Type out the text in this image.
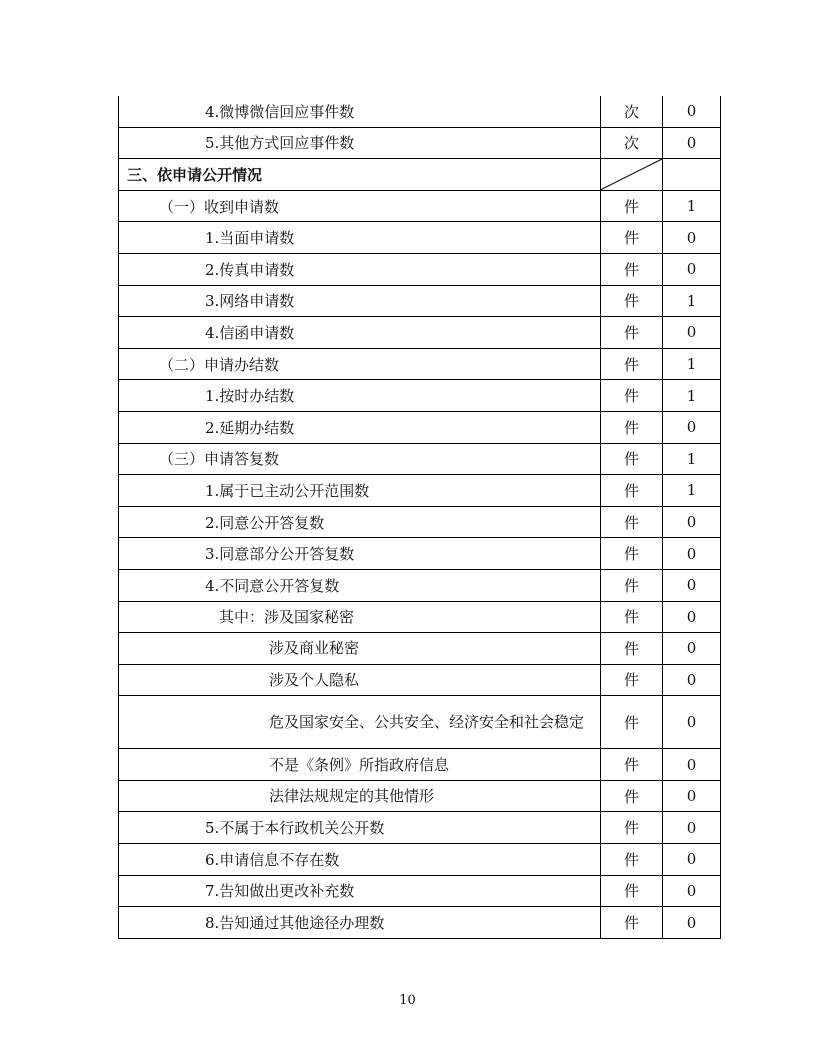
4.微博微信回应事件数	次	0
5.其他方式回应事件数	次	0
三、依申请公开情况	

（一）收到申请数	件	1
1.当面申请数	件	0
2.传真申请数	件	0
3.网络申请数	件	1
4.信函申请数	件	0
（二）申请办结数	件	1
1.按时办结数	件	1
2.延期办结数	件	0
（三）申请答复数	件	1
1.属于已主动公开范围数	件	1
2.同意公开答复数	件	0
3.同意部分公开答复数	件	0
4.不同意公开答复数	件	0
其中：涉及国家秘密	件	0
涉及商业秘密	件	0
涉及个人隐私	件	0
危及国家安全、公共安全、经济安全和社会稳定	件	0
不是《条例》所指政府信息	件	0
法律法规规定的其他情形	件	0
5.不属于本行政机关公开数	件	0
6.申请信息不存在数	件	0
7.告知做出更改补充数	件	0
8.告知通过其他途径办理数	件	0
10
